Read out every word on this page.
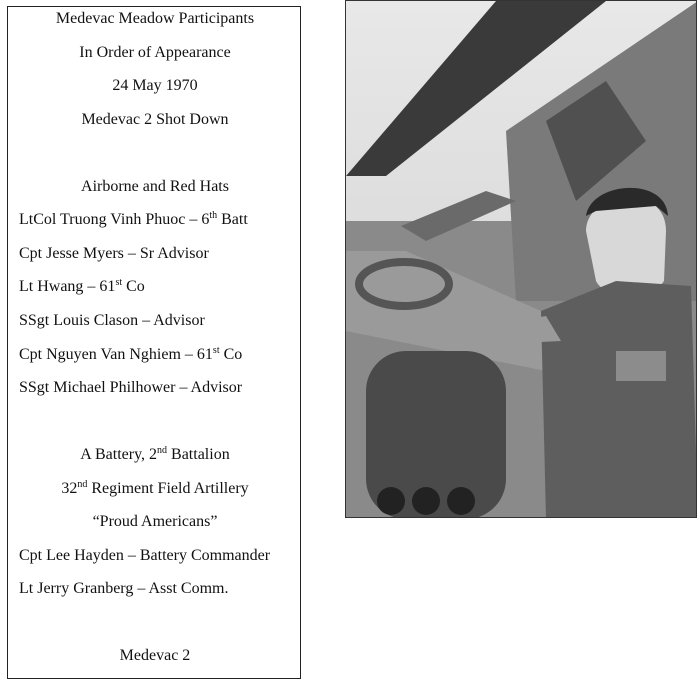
Medevac Meadow Participants
In Order of Appearance
24 May 1970
Medevac 2 Shot Down
Airborne and Red Hats
LtCol Truong Vinh Phuoc – 6th Batt
Cpt Jesse Myers – Sr Advisor
Lt Hwang – 61st Co
SSgt Louis Clason – Advisor
Cpt Nguyen Van Nghiem – 61st Co
SSgt Michael Philhower – Advisor
A Battery, 2nd Battalion
32nd Regiment Field Artillery
“Proud Americans”
Cpt Lee Hayden – Battery Commander
Lt Jerry Granberg – Asst Comm.
Medevac 2
